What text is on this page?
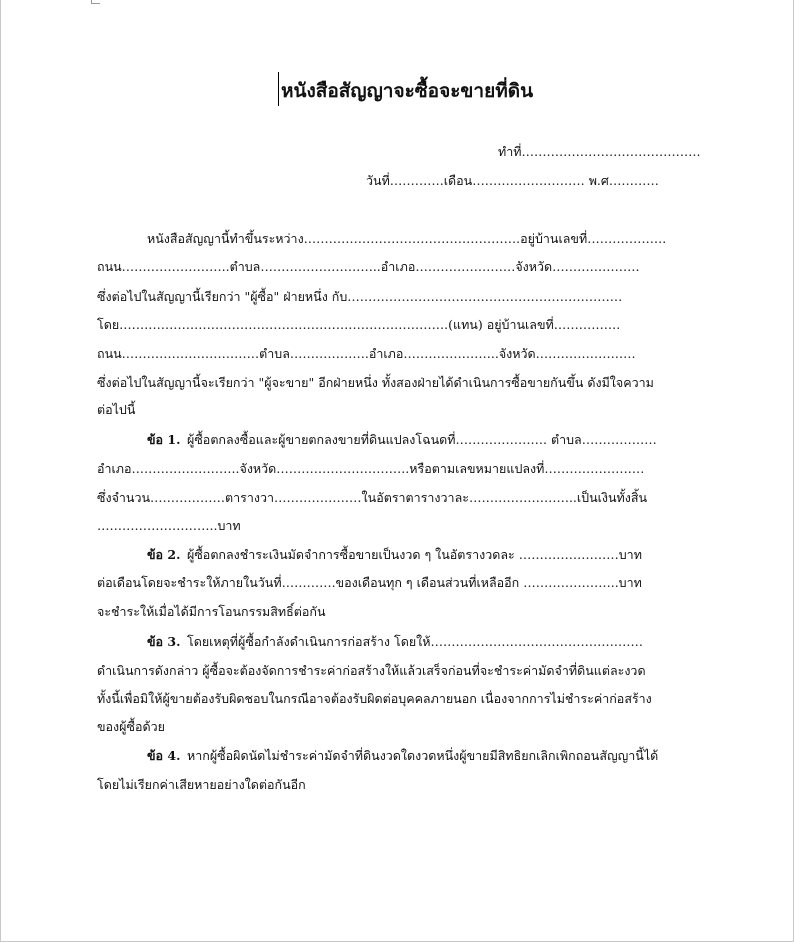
หนังสือสัญญาจะซื้อจะขายที่ดิน
ทำที่…………………………………….
วันที่………….เดือน……………………… พ.ศ…………
หนังสือสัญญานี้ทำขึ้นระหว่าง…………………………………………….อยู่บ้านเลขที่……………….
ถนน……………………..ตำบล………………………..อำเภอ……………………จังหวัด…………………
ซึ่งต่อไปในสัญญานี้เรียกว่า "ผู้ซื้อ" ฝ่ายหนึ่ง กับ…………………………………………………………
โดย…………………………………………………………………….(แทน) อยู่บ้านเลขที่…………….
ถนน……………………………ตำบล……………….อำเภอ…………………..จังหวัด……………………
ซึ่งต่อไปในสัญญานี้จะเรียกว่า "ผู้จะขาย" อีกฝ่ายหนึ่ง ทั้งสองฝ่ายได้ดำเนินการซื้อขายกันขึ้น ดังมีใจความ
ต่อไปนี้
ข้อ 1. ผู้ซื้อตกลงซื้อและผู้ขายตกลงขายที่ดินแปลงโฉนดที่…………………. ตำบล………………
อำเภอ……………………..จังหวัด…………………………..หรือตามเลขหมายแปลงที่……………………
ซึ่งจำนวน………………ตารางวา…………………ในอัตราตารางวาละ……………………..เป็นเงินทั้งสิ้น
………………………..บาท
ข้อ 2. ผู้ซื้อตกลงชำระเงินมัดจำการซื้อขายเป็นงวด ๆ ในอัตรางวดละ ……………………บาท
ต่อเดือนโดยจะชำระให้ภายในวันที่………….ของเดือนทุก ๆ เดือนส่วนที่เหลืออีก …………………..บาท
จะชำระให้เมื่อได้มีการโอนกรรมสิทธิ์ต่อกัน
ข้อ 3. โดยเหตุที่ผู้ซื้อกำลังดำเนินการก่อสร้าง โดยให้……………………………………………
ดำเนินการดังกล่าว ผู้ซื้อจะต้องจัดการชำระค่าก่อสร้างให้แล้วเสร็จก่อนที่จะชำระค่ามัดจำที่ดินแต่ละงวด
ทั้งนี้เพื่อมิให้ผู้ขายต้องรับผิดชอบในกรณีอาจต้องรับผิดต่อบุคคลภายนอก เนื่องจากการไม่ชำระค่าก่อสร้าง
ของผู้ซื้อด้วย
ข้อ 4. หากผู้ซื้อผิดนัดไม่ชำระค่ามัดจำที่ดินงวดใดงวดหนึ่งผู้ขายมีสิทธิยกเลิกเพิกถอนสัญญานี้ได้
โดยไม่เรียกค่าเสียหายอย่างใดต่อกันอีก
